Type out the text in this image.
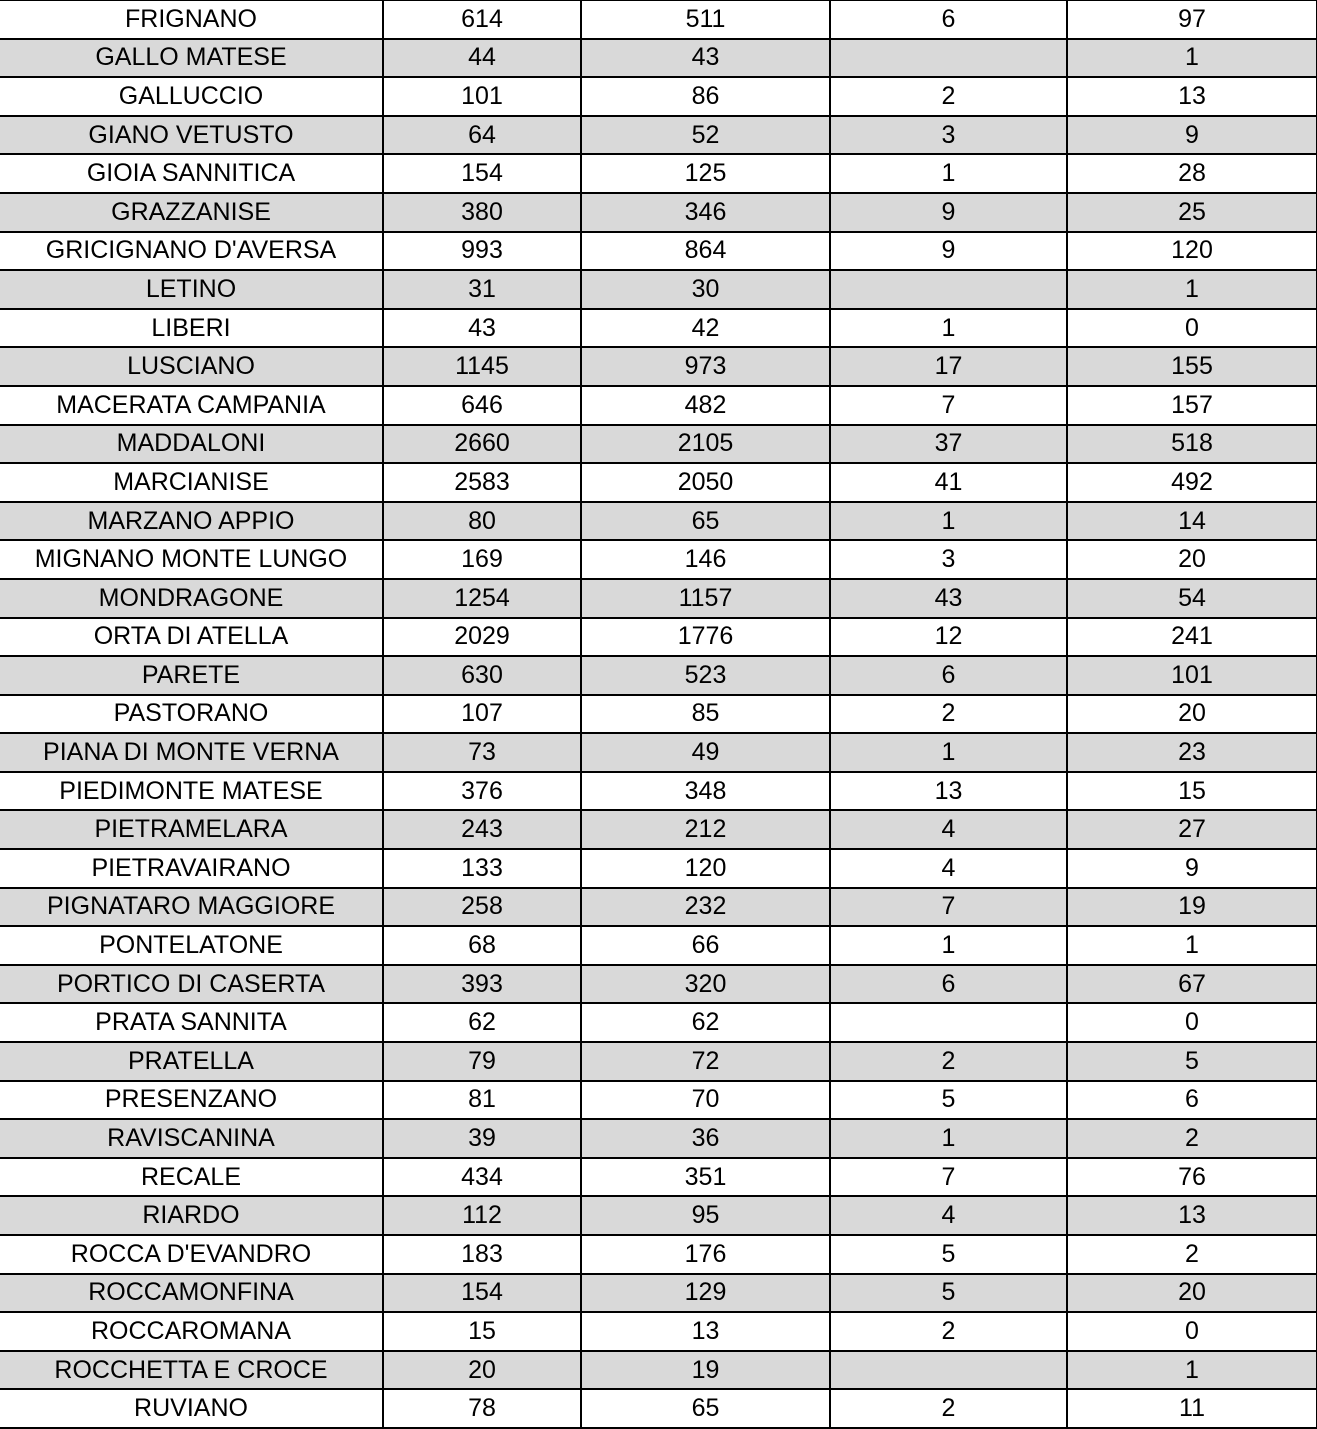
FRIGNANO	614	511	6	97
GALLO MATESE	44	43		1
GALLUCCIO	101	86	2	13
GIANO VETUSTO	64	52	3	9
GIOIA SANNITICA	154	125	1	28
GRAZZANISE	380	346	9	25
GRICIGNANO D'AVERSA	993	864	9	120
LETINO	31	30		1
LIBERI	43	42	1	0
LUSCIANO	1145	973	17	155
MACERATA CAMPANIA	646	482	7	157
MADDALONI	2660	2105	37	518
MARCIANISE	2583	2050	41	492
MARZANO APPIO	80	65	1	14
MIGNANO MONTE LUNGO	169	146	3	20
MONDRAGONE	1254	1157	43	54
ORTA DI ATELLA	2029	1776	12	241
PARETE	630	523	6	101
PASTORANO	107	85	2	20
PIANA DI MONTE VERNA	73	49	1	23
PIEDIMONTE MATESE	376	348	13	15
PIETRAMELARA	243	212	4	27
PIETRAVAIRANO	133	120	4	9
PIGNATARO MAGGIORE	258	232	7	19
PONTELATONE	68	66	1	1
PORTICO DI CASERTA	393	320	6	67
PRATA SANNITA	62	62		0
PRATELLA	79	72	2	5
PRESENZANO	81	70	5	6
RAVISCANINA	39	36	1	2
RECALE	434	351	7	76
RIARDO	112	95	4	13
ROCCA D'EVANDRO	183	176	5	2
ROCCAMONFINA	154	129	5	20
ROCCAROMANA	15	13	2	0
ROCCHETTA E CROCE	20	19		1
RUVIANO	78	65	2	11
